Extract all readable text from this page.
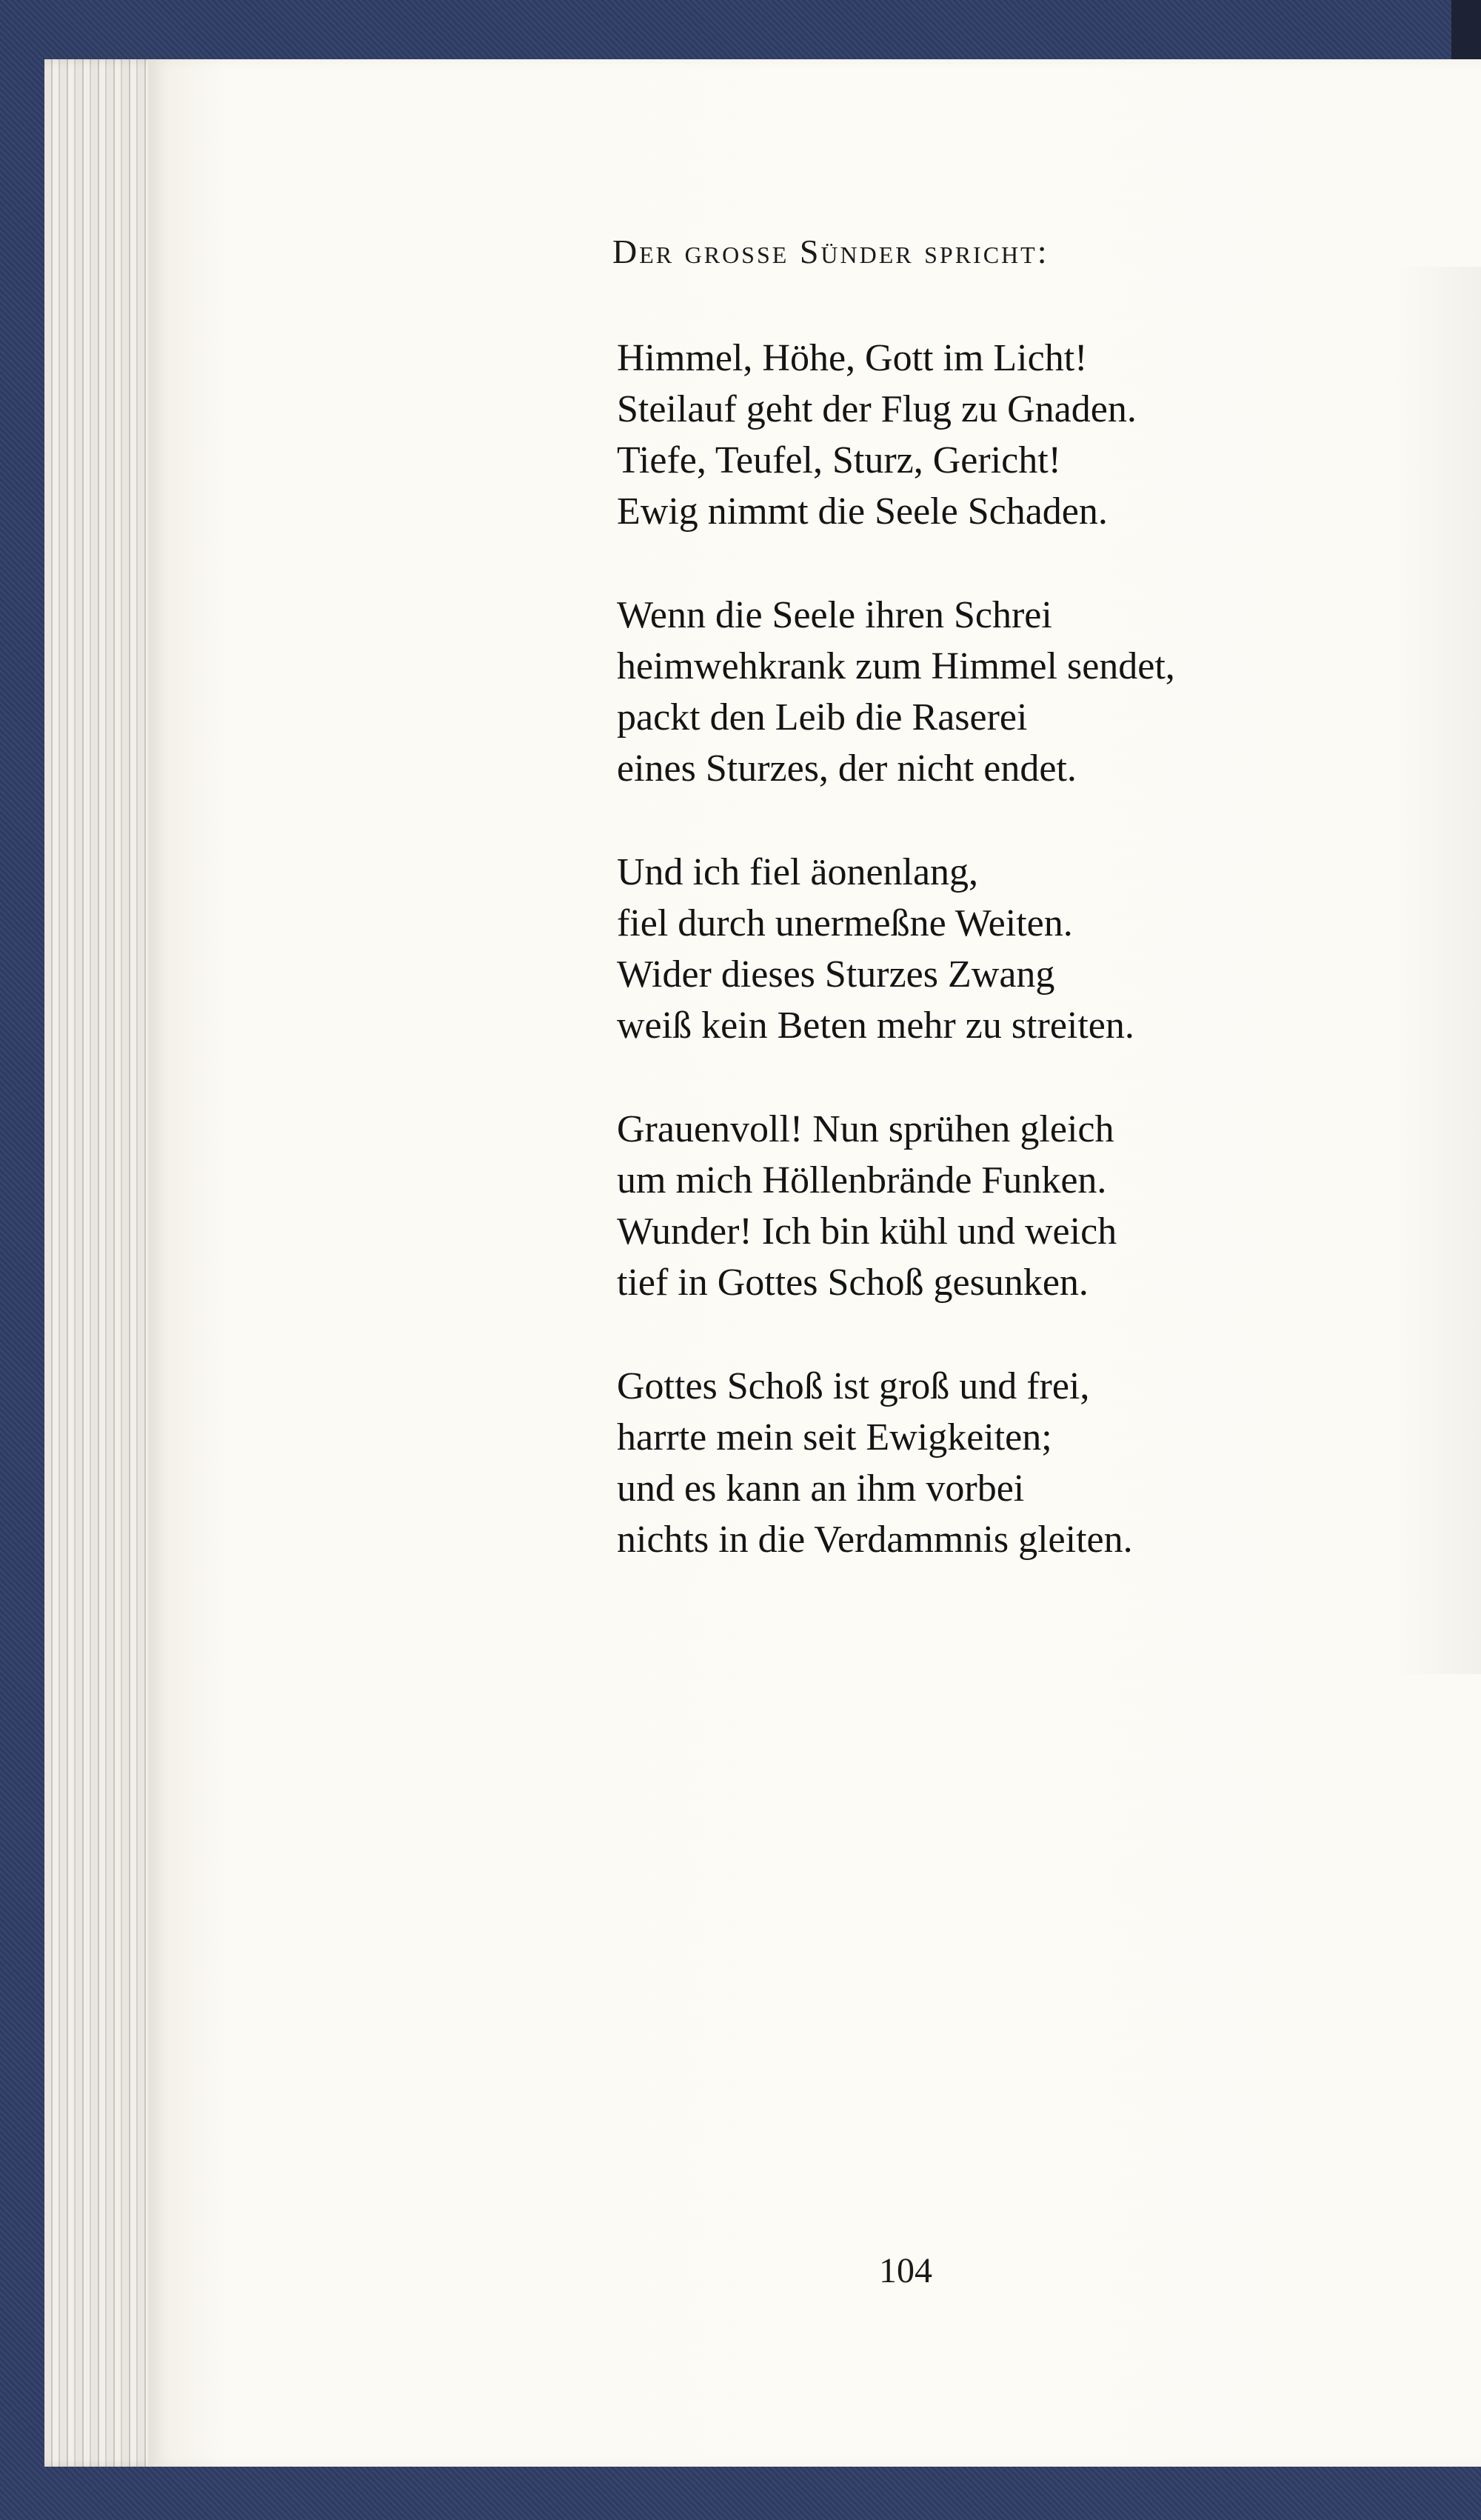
Der grosse Sünder spricht:

Himmel, Höhe, Gott im Licht!
Steilauf geht der Flug zu Gnaden.
Tiefe, Teufel, Sturz, Gericht!
Ewig nimmt die Seele Schaden.

Wenn die Seele ihren Schrei
heimwehkrank zum Himmel sendet,
packt den Leib die Raserei
eines Sturzes, der nicht endet.

Und ich fiel äonenlang,
fiel durch unermeßne Weiten.
Wider dieses Sturzes Zwang
weiß kein Beten mehr zu streiten.

Grauenvoll! Nun sprühen gleich
um mich Höllenbrände Funken.
Wunder! Ich bin kühl und weich
tief in Gottes Schoß gesunken.

Gottes Schoß ist groß und frei,
harrte mein seit Ewigkeiten;
und es kann an ihm vorbei
nichts in die Verdammnis gleiten.

104
